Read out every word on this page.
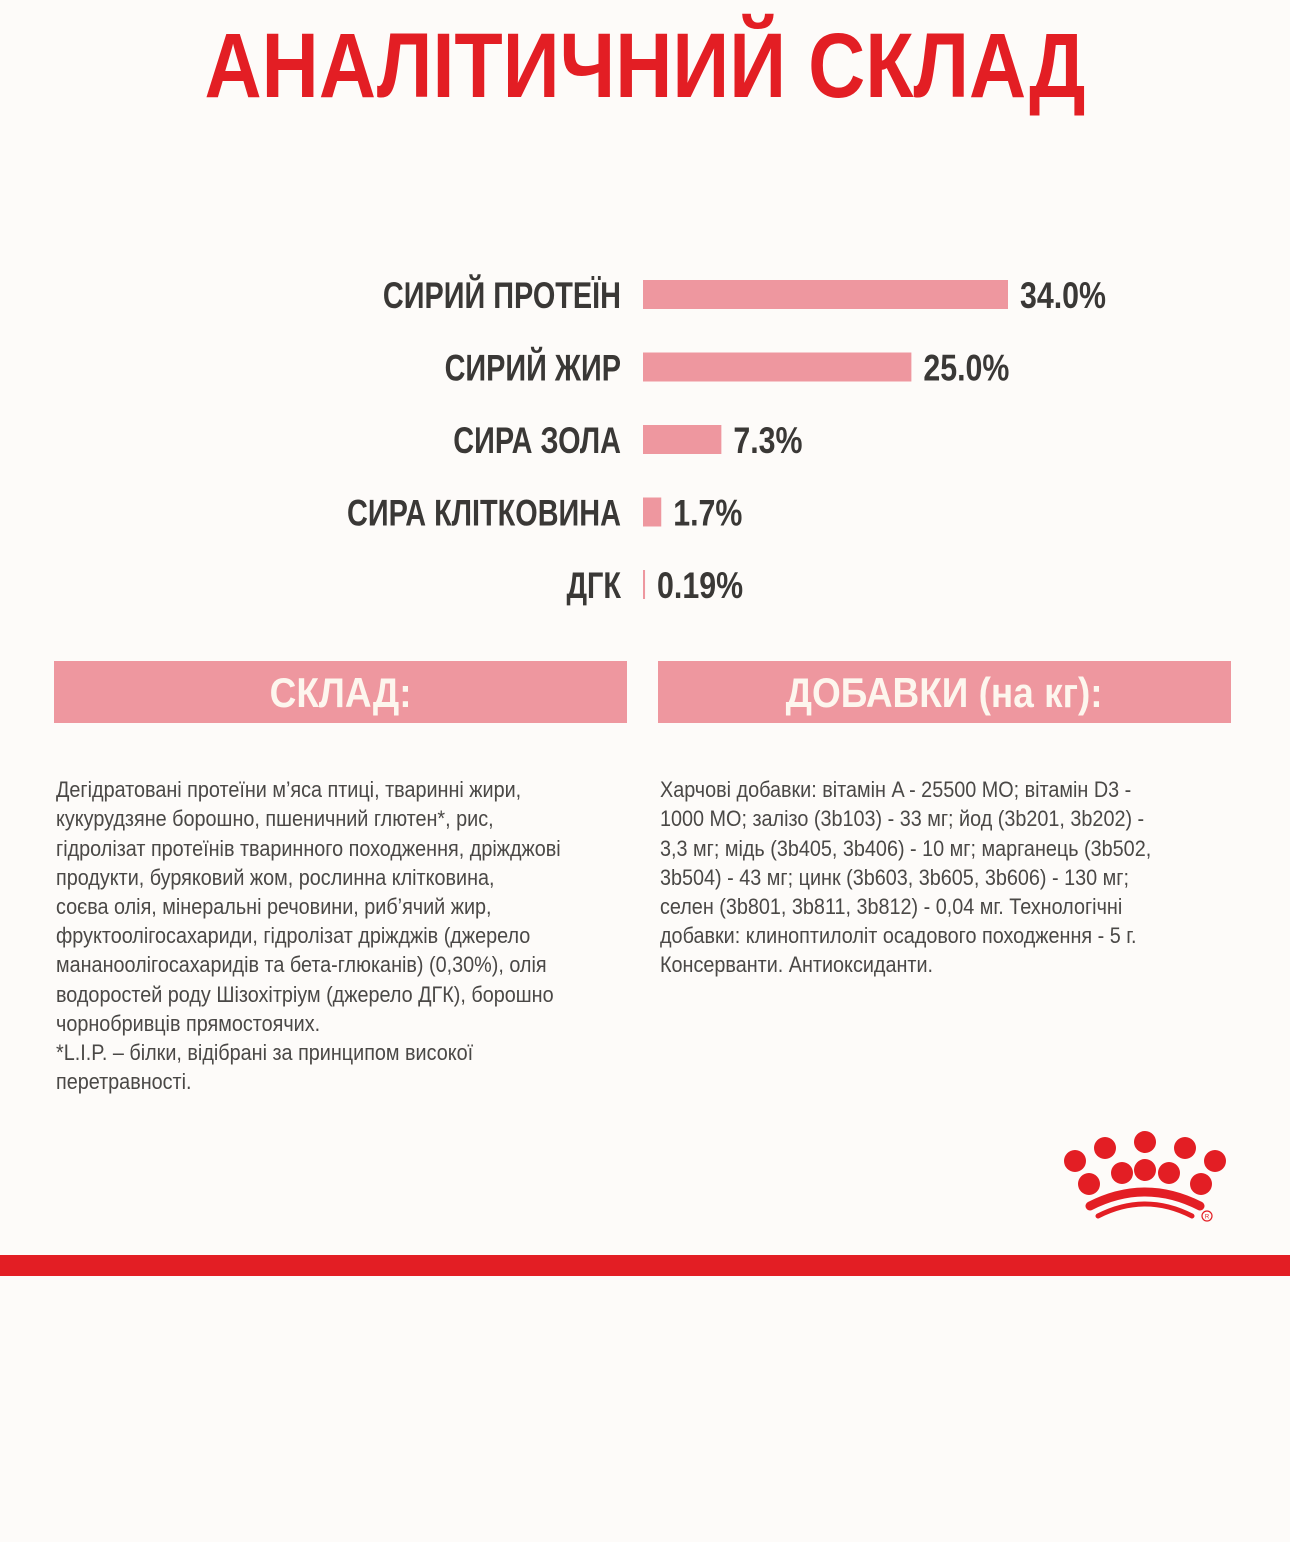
АНАЛІТИЧНИЙ СКЛАД
СИРИЙ ПРОТЕЇН	34.0%
СИРИЙ ЖИР	25.0%
СИРА ЗОЛА	7.3%
СИРА КЛІТКОВИНА 1.7%
ДГК 0.19%
СКЛАД:	ДОБАВКИ (на кг):

Дегідратовані протеїни м’яса птиці, тваринні жири,
кукурудзяне борошно, пшеничний глютен*, рис,
гідролізат протеїнів тваринного походження, дріжджові
продукти, буряковий жом, рослинна клітковина,
соєва олія, мінеральні речовини, риб’ячий жир,
фруктоолігосахариди, гідролізат дріжджів (джерело
мананоолігосахаридів та бета-глюканів) (0,30%), олія
водоростей роду Шізохітріум (джерело ДГК), борошно
чорнобривців прямостоячих.
*L.I.P. – білки, відібрані за принципом високої
перетравності.

Харчові добавки: вітамін A - 25500 МО; вітамін D3 -
1000 МО; залізо (3b103) - 33 мг; йод (3b201, 3b202) -
3,3 мг; мідь (3b405, 3b406) - 10 мг; марганець (3b502,
3b504) - 43 мг; цинк (3b603, 3b605, 3b606) - 130 мг;
селен (3b801, 3b811, 3b812) - 0,04 мг. Технологічні
добавки: клиноптилоліт осадового походження - 5 г.
Консерванти. Антиоксиданти.

R
